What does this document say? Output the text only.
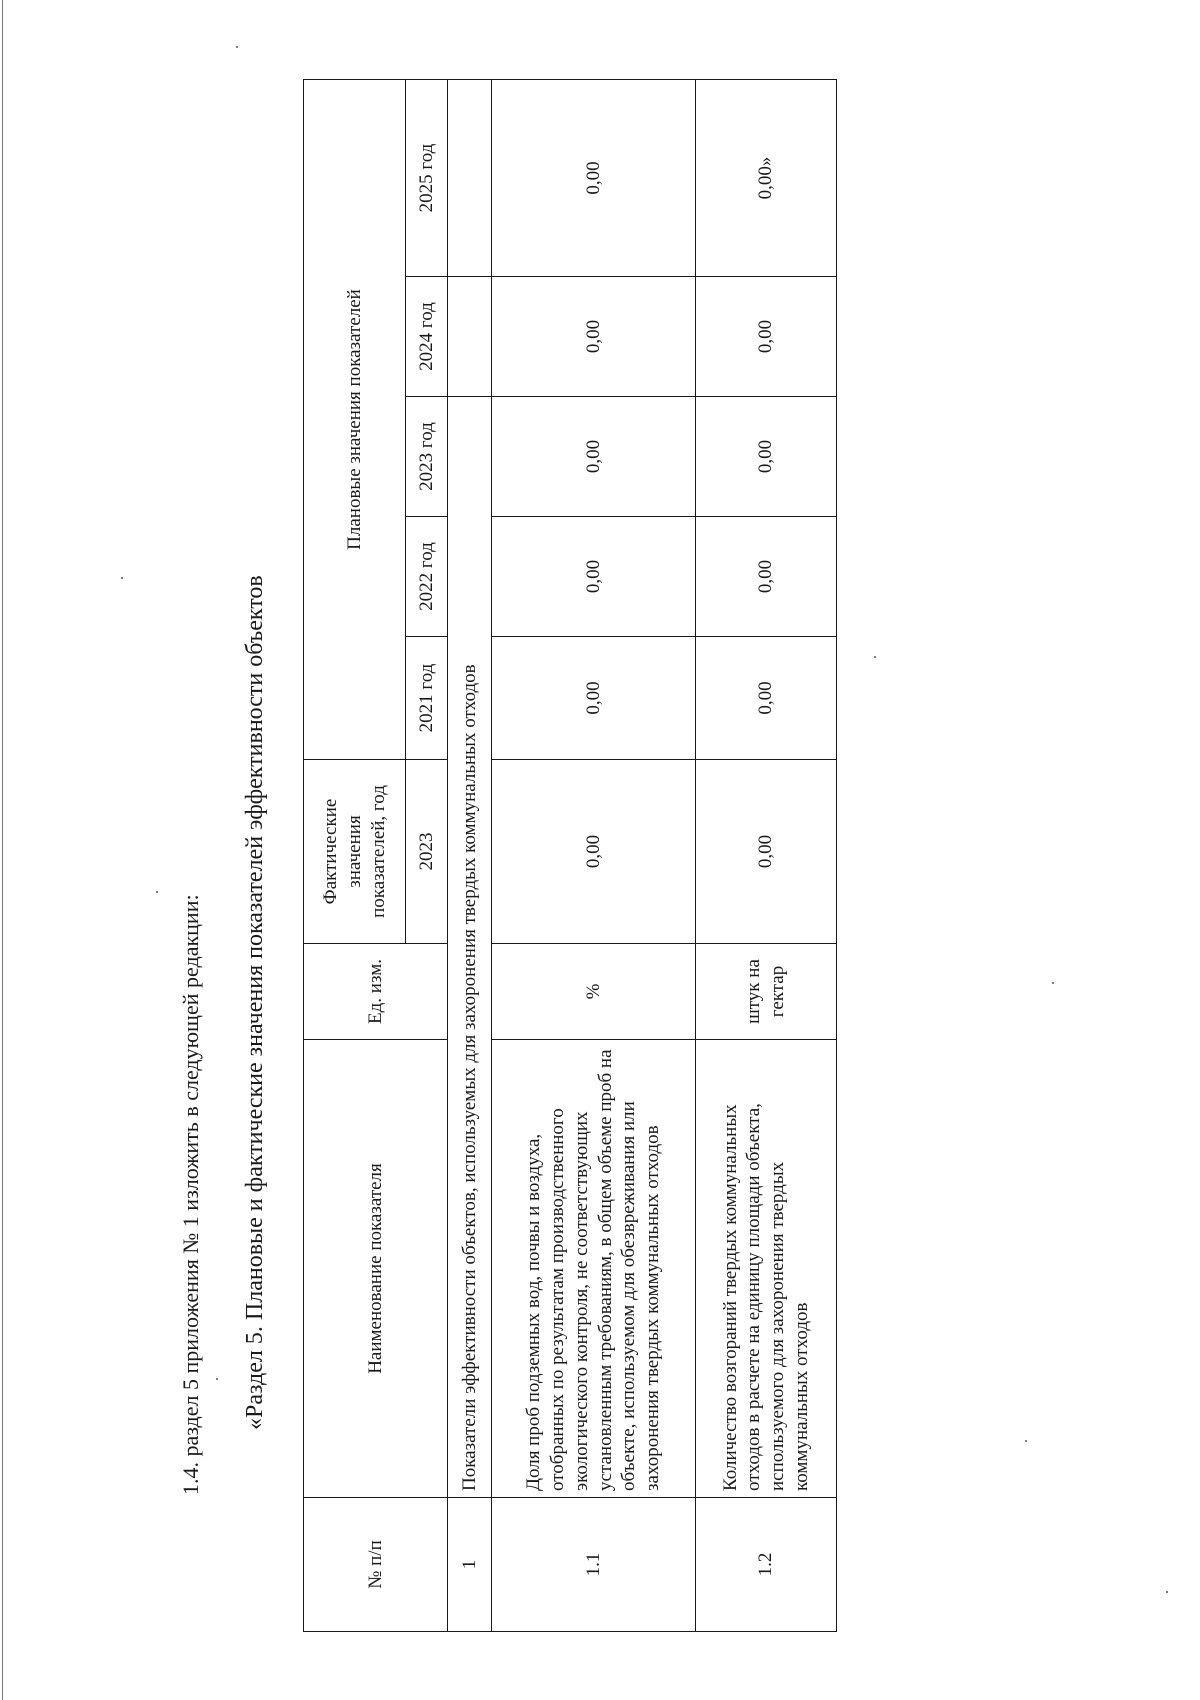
1.4. раздел 5 приложения № 1 изложить в следующей редакции: «Раздел 5. Плановые и фактические значения показателей эффективности объектов
№ п/п	Наименование показателя	Ед. изм.	Фактические значения показателей, год	Плановые значения показателей				
			2023	2021 год	2022 год	2023 год	2024 год	2025 год
1	Показатели эффективности объектов, используемых для захоронения твердых коммунальных отходов							
1.1	Доля проб подземных вод, почвы и воздуха, отобранных по результатам производственного экологического контроля, не соответствующих установленным требованиям, в общем объеме проб на объекте, используемом для обезвреживания или захоронения твердых коммунальных отходов	%	0,00	0,00	0,00	0,00	0,00	0,00
1.2	Количество возгораний твердых коммунальных отходов в расчете на единицу площади объекта, используемого для захоронения твердых коммунальных отходов	штук на гектар	0,00	0,00	0,00	0,00	0,00	0,00»
